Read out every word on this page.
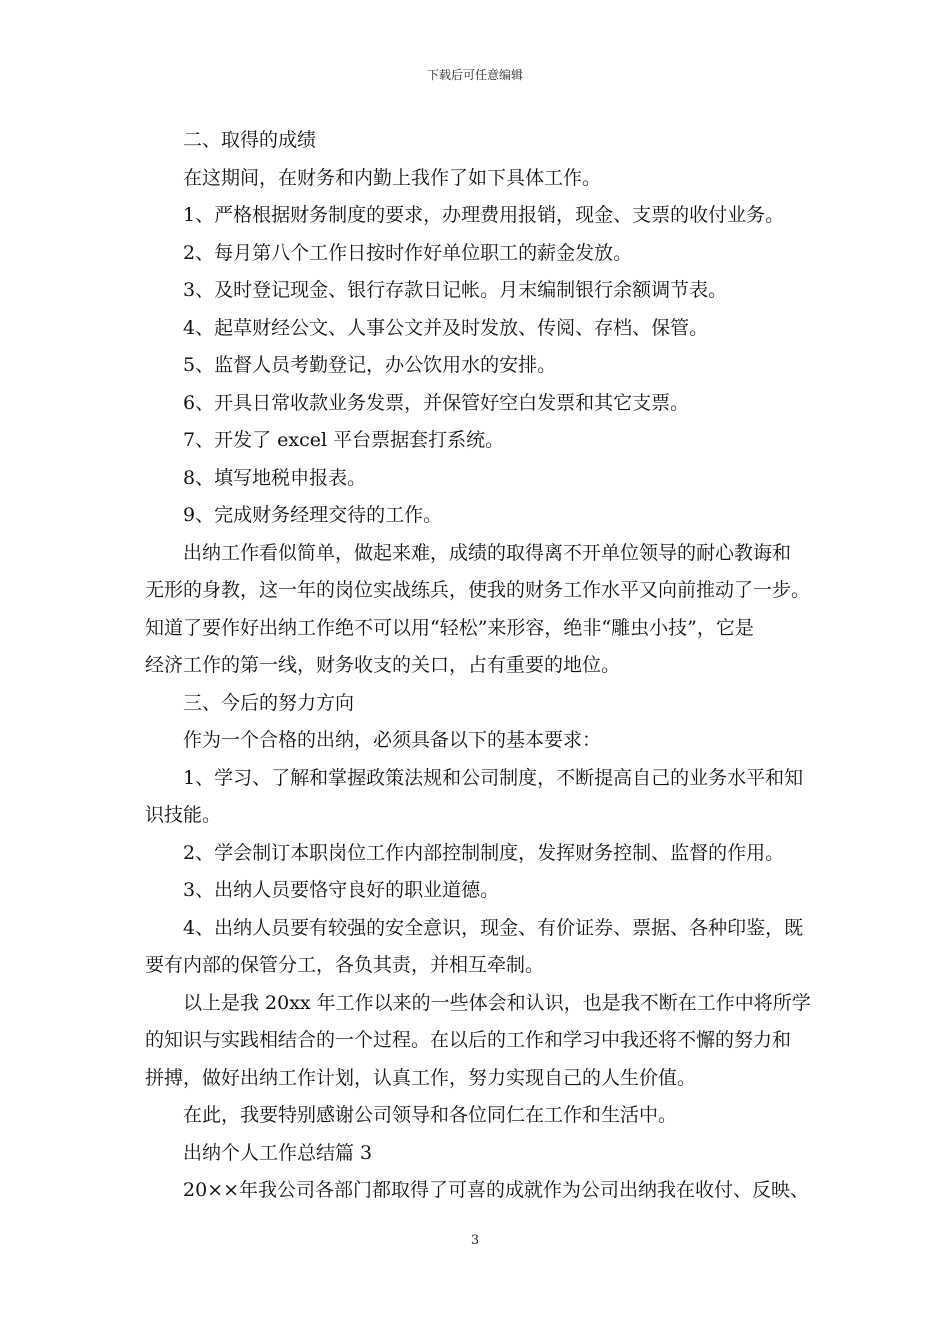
下载后可任意编辑
二、取得的成绩
在这期间，在财务和内勤上我作了如下具体工作。
1、严格根据财务制度的要求，办理费用报销，现金、支票的收付业务。
2、每月第八个工作日按时作好单位职工的薪金发放。
3、及时登记现金、银行存款日记帐。月末编制银行余额调节表。
4、起草财经公文、人事公文并及时发放、传阅、存档、保管。
5、监督人员考勤登记，办公饮用水的安排。
6、开具日常收款业务发票，并保管好空白发票和其它支票。
7、开发了 excel 平台票据套打系统。
8、填写地税申报表。
9、完成财务经理交待的工作。
出纳工作看似简单，做起来难，成绩的取得离不开单位领导的耐心教诲和
无形的身教，这一年的岗位实战练兵，使我的财务工作水平又向前推动了一步。
知道了要作好出纳工作绝不可以用“轻松”来形容，绝非“雕虫小技”，它是
经济工作的第一线，财务收支的关口，占有重要的地位。
三、今后的努力方向
作为一个合格的出纳，必须具备以下的基本要求：
1、学习、了解和掌握政策法规和公司制度，不断提高自己的业务水平和知
识技能。
2、学会制订本职岗位工作内部控制制度，发挥财务控制、监督的作用。
3、出纳人员要恪守良好的职业道德。
4、出纳人员要有较强的安全意识，现金、有价证券、票据、各种印鉴，既
要有内部的保管分工，各负其责，并相互牵制。
以上是我 20xx 年工作以来的一些体会和认识，也是我不断在工作中将所学
的知识与实践相结合的一个过程。在以后的工作和学习中我还将不懈的努力和
拼搏，做好出纳工作计划，认真工作，努力实现自己的人生价值。
在此，我要特别感谢公司领导和各位同仁在工作和生活中。
出纳个人工作总结篇 3
20××年我公司各部门都取得了可喜的成就作为公司出纳我在收付、反映、
3
